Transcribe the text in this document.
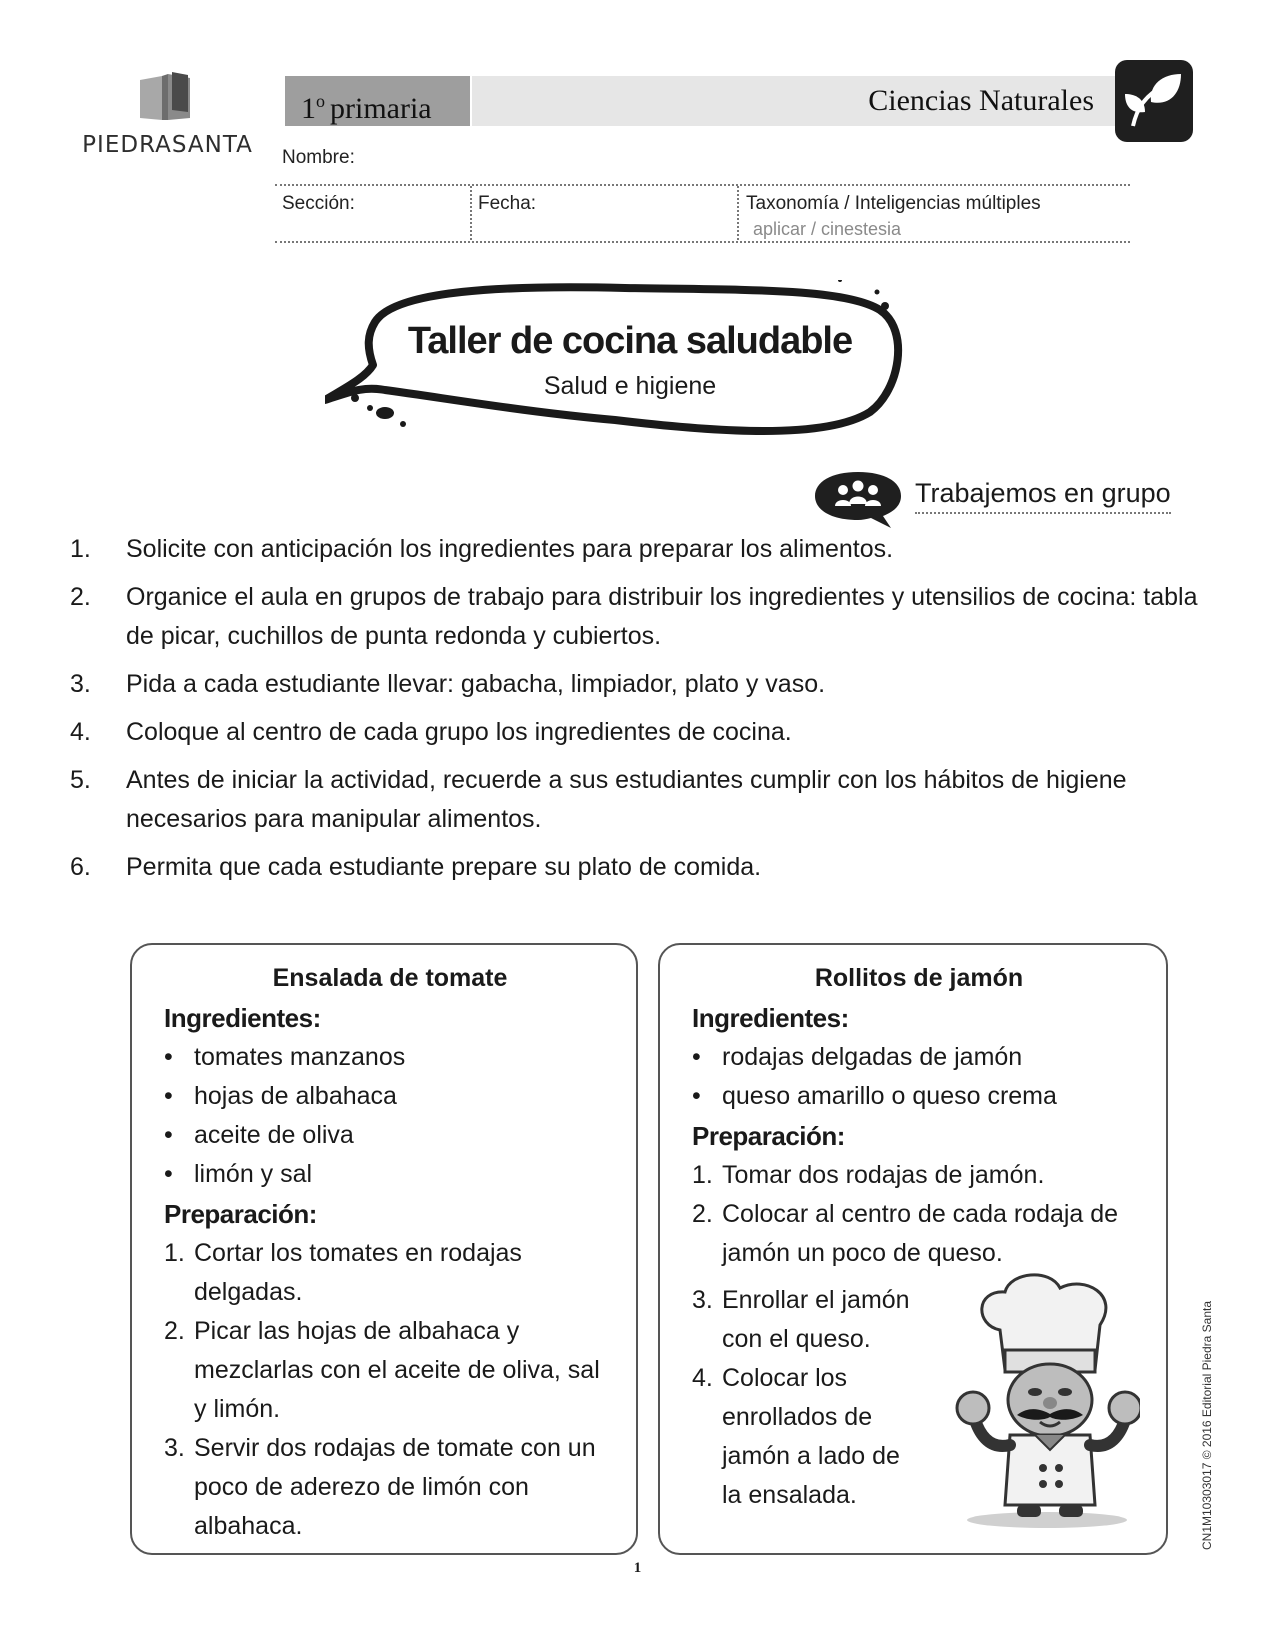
PIEDRASANTA
1$^o$ primaria	Ciencias Naturales
Nombre:
Sección:	Fecha:	Taxonomía / Inteligencias múltiples
aplicar / cinestesia
Taller de cocina saludable
Salud e higiene
Trabajemos en grupo
1.	Solicite con anticipación los ingredientes para preparar los alimentos.
2.	Organice el aula en grupos de trabajo para distribuir los ingredientes y utensilios de cocina: tabla de picar, cuchillos de punta redonda y cubiertos.
3.	Pida a cada estudiante llevar: gabacha, limpiador, plato y vaso.
4.	Coloque al centro de cada grupo los ingredientes de cocina.
5.	Antes de iniciar la actividad, recuerde a sus estudiantes cumplir con los hábitos de higiene necesarios para manipular alimentos.
6.	Permita que cada estudiante prepare su plato de comida.
Ensalada de tomate
Ingredientes:
• tomates manzanos
• hojas de albahaca
• aceite de oliva
• limón y sal
Preparación:
1. Cortar los tomates en rodajas delgadas.
2. Picar las hojas de albahaca y mezclarlas con el aceite de oliva, sal y limón.
3. Servir dos rodajas de tomate con un poco de aderezo de limón con albahaca.
Rollitos de jamón
Ingredientes:
• rodajas delgadas de jamón
• queso amarillo o queso crema
Preparación:
1. Tomar dos rodajas de jamón.
2. Colocar al centro de cada rodaja de jamón un poco de queso.
3. Enrollar el jamón con el queso.
4. Colocar los enrollados de jamón a lado de la ensalada.
1
CN1M10303017 © 2016 Editorial Piedra Santa
